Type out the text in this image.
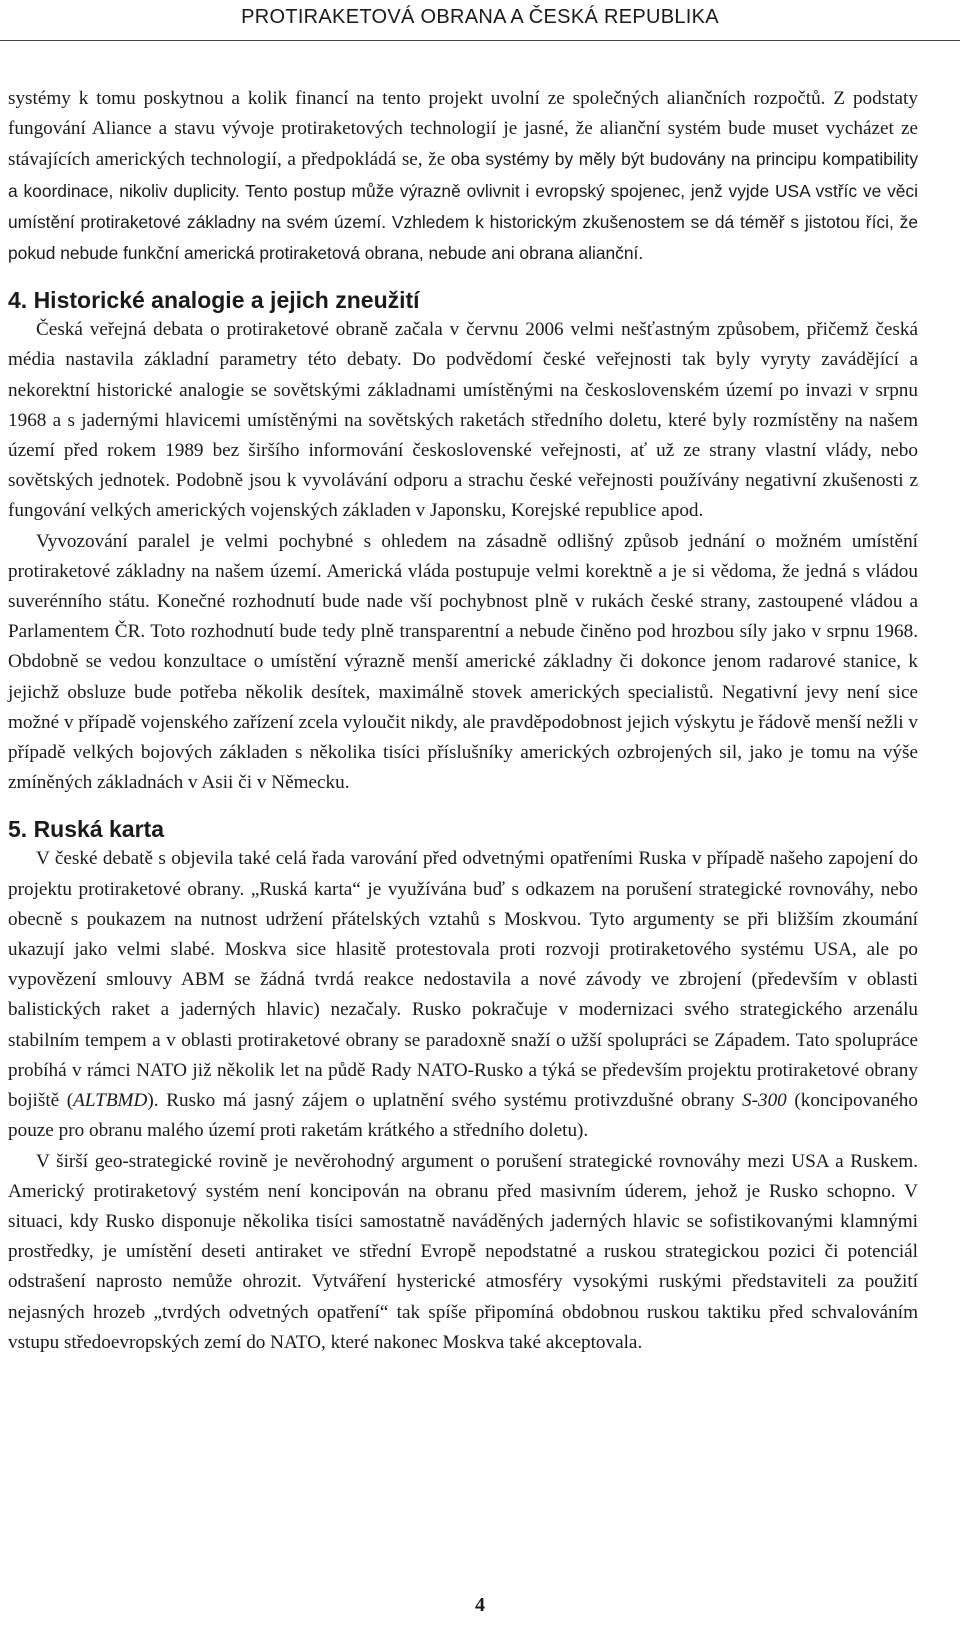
PROTIRAKETOVÁ OBRANA A ČESKÁ REPUBLIKA

systémy k tomu poskytnou a kolik financí na tento projekt uvolní ze společných aliančních rozpočtů. Z podstaty fungování Aliance a stavu vývoje protiraketových technologií je jasné, že alianční systém bude muset vycházet ze stávajících amerických technologií, a předpokládá se, že oba systémy by měly být budovány na principu kompatibility a koordinace, nikoliv duplicity. Tento postup může výrazně ovlivnit i evropský spojenec, jenž vyjde USA vstříc ve věci umístění protiraketové základny na svém území. Vzhledem k historickým zkušenostem se dá téměř s jistotou říci, že pokud nebude funkční americká protiraketová obrana, nebude ani obrana alianční.

4. Historické analogie a jejich zneužití

Česká veřejná debata o protiraketové obraně začala v červnu 2006 velmi nešťastným způsobem, přičemž česká média nastavila základní parametry této debaty. Do podvědomí české veřejnosti tak byly vyryty zavádějící a nekorektní historické analogie se sovětskými základnami umístěnými na československém území po invazi v srpnu 1968 a s jadernými hlavicemi umístěnými na sovětských raketách středního doletu, které byly rozmístěny na našem území před rokem 1989 bez širšího informování československé veřejnosti, ať už ze strany vlastní vlády, nebo sovětských jednotek. Podobně jsou k vyvolávání odporu a strachu české veřejnosti používány negativní zkušenosti z fungování velkých amerických vojenských základen v Japonsku, Korejské republice apod.

Vyvozování paralel je velmi pochybné s ohledem na zásadně odlišný způsob jednání o možném umístění protiraketové základny na našem území. Americká vláda postupuje velmi korektně a je si vědoma, že jedná s vládou suverénního státu. Konečné rozhodnutí bude nade vší pochybnost plně v rukách české strany, zastoupené vládou a Parlamentem ČR. Toto rozhodnutí bude tedy plně transparentní a nebude činěno pod hrozbou síly jako v srpnu 1968. Obdobně se vedou konzultace o umístění výrazně menší americké základny či dokonce jenom radarové stanice, k jejichž obsluze bude potřeba několik desítek, maximálně stovek amerických specialistů. Negativní jevy není sice možné v případě vojenského zařízení zcela vyloučit nikdy, ale pravděpodobnost jejich výskytu je řádově menší nežli v případě velkých bojových základen s několika tisíci příslušníky amerických ozbrojených sil, jako je tomu na výše zmíněných základnách v Asii či v Německu.

5. Ruská karta

V české debatě s objevila také celá řada varování před odvetnými opatřeními Ruska v případě našeho zapojení do projektu protiraketové obrany. „Ruská karta“ je využívána buď s odkazem na porušení strategické rovnováhy, nebo obecně s poukazem na nutnost udržení přátelských vztahů s Moskvou. Tyto argumenty se při bližším zkoumání ukazují jako velmi slabé. Moskva sice hlasitě protestovala proti rozvoji protiraketového systému USA, ale po vypovězení smlouvy ABM se žádná tvrdá reakce nedostavila a nové závody ve zbrojení (především v oblasti balistických raket a jaderných hlavic) nezačaly. Rusko pokračuje v modernizaci svého strategického arzenálu stabilním tempem a v oblasti protiraketové obrany se paradoxně snaží o užší spolupráci se Západem. Tato spolupráce probíhá v rámci NATO již několik let na půdě Rady NATO-Rusko a týká se především projektu protiraketové obrany bojiště (ALTBMD). Rusko má jasný zájem o uplatnění svého systému protivzdušné obrany S-300 (koncipovaného pouze pro obranu malého území proti raketám krátkého a středního doletu).

V širší geo-strategické rovině je nevěrohodný argument o porušení strategické rovnováhy mezi USA a Ruskem. Americký protiraketový systém není koncipován na obranu před masivním úderem, jehož je Rusko schopno. V situaci, kdy Rusko disponuje několika tisíci samostatně naváděných jaderných hlavic se sofistikovanými klamnými prostředky, je umístění deseti antiraket ve střední Evropě nepodstatné a ruskou strategickou pozici či potenciál odstrašení naprosto nemůže ohrozit. Vytváření hysterické atmosféry vysokými ruskými představiteli za použití nejasných hrozeb „tvrdých odvetných opatření“ tak spíše připomíná obdobnou ruskou taktiku před schvalováním vstupu středoevropských zemí do NATO, které nakonec Moskva také akceptovala.

4
